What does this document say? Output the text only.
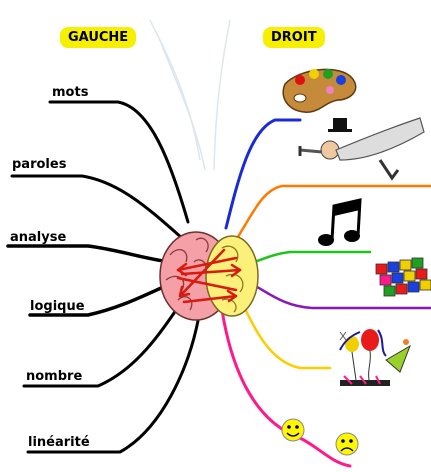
GAUCHE	DROIT
mots
paroles
analyse
logique
nombre
linéarité
